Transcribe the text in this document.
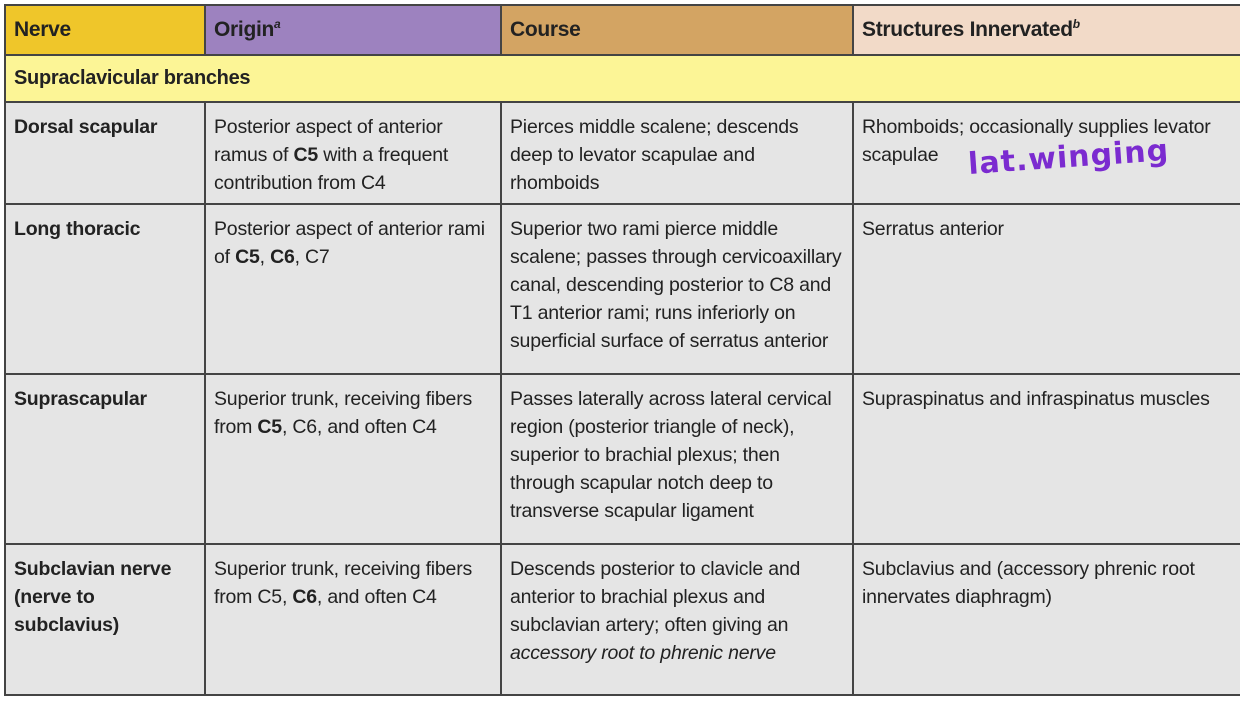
Nerve	Origin$^a$	Course	Structures Innervated$^b$
Supraclavicular branches			
Dorsal scapular	Posterior aspect of anterior ramus of C5 with a frequent contribution from C4	Pierces middle scalene; descends deep to levator scapulae and rhomboids	Rhomboids; occasionally supplies levator scapulae
Long thoracic	Posterior aspect of anterior rami of C5, C6, C7	Superior two rami pierce middle scalene; passes through cervicoaxillary canal, descending posterior to C8 and T1 anterior rami; runs inferiorly on superficial surface of serratus anterior	Serratus anterior
Suprascapular	Superior trunk, receiving fibers from C5, C6, and often C4	Passes laterally across lateral cervical region (posterior triangle of neck), superior to brachial plexus; then through scapular notch deep to transverse scapular ligament	Supraspinatus and infraspinatus muscles
Subclavian nerve (nerve to subclavius)	Superior trunk, receiving fibers from C5, C6, and often C4	Descends posterior to clavicle and anterior to brachial plexus and subclavian artery; often giving an accessory root to phrenic nerve	Subclavius and (accessory phrenic root innervates diaphragm)
lat.winging
